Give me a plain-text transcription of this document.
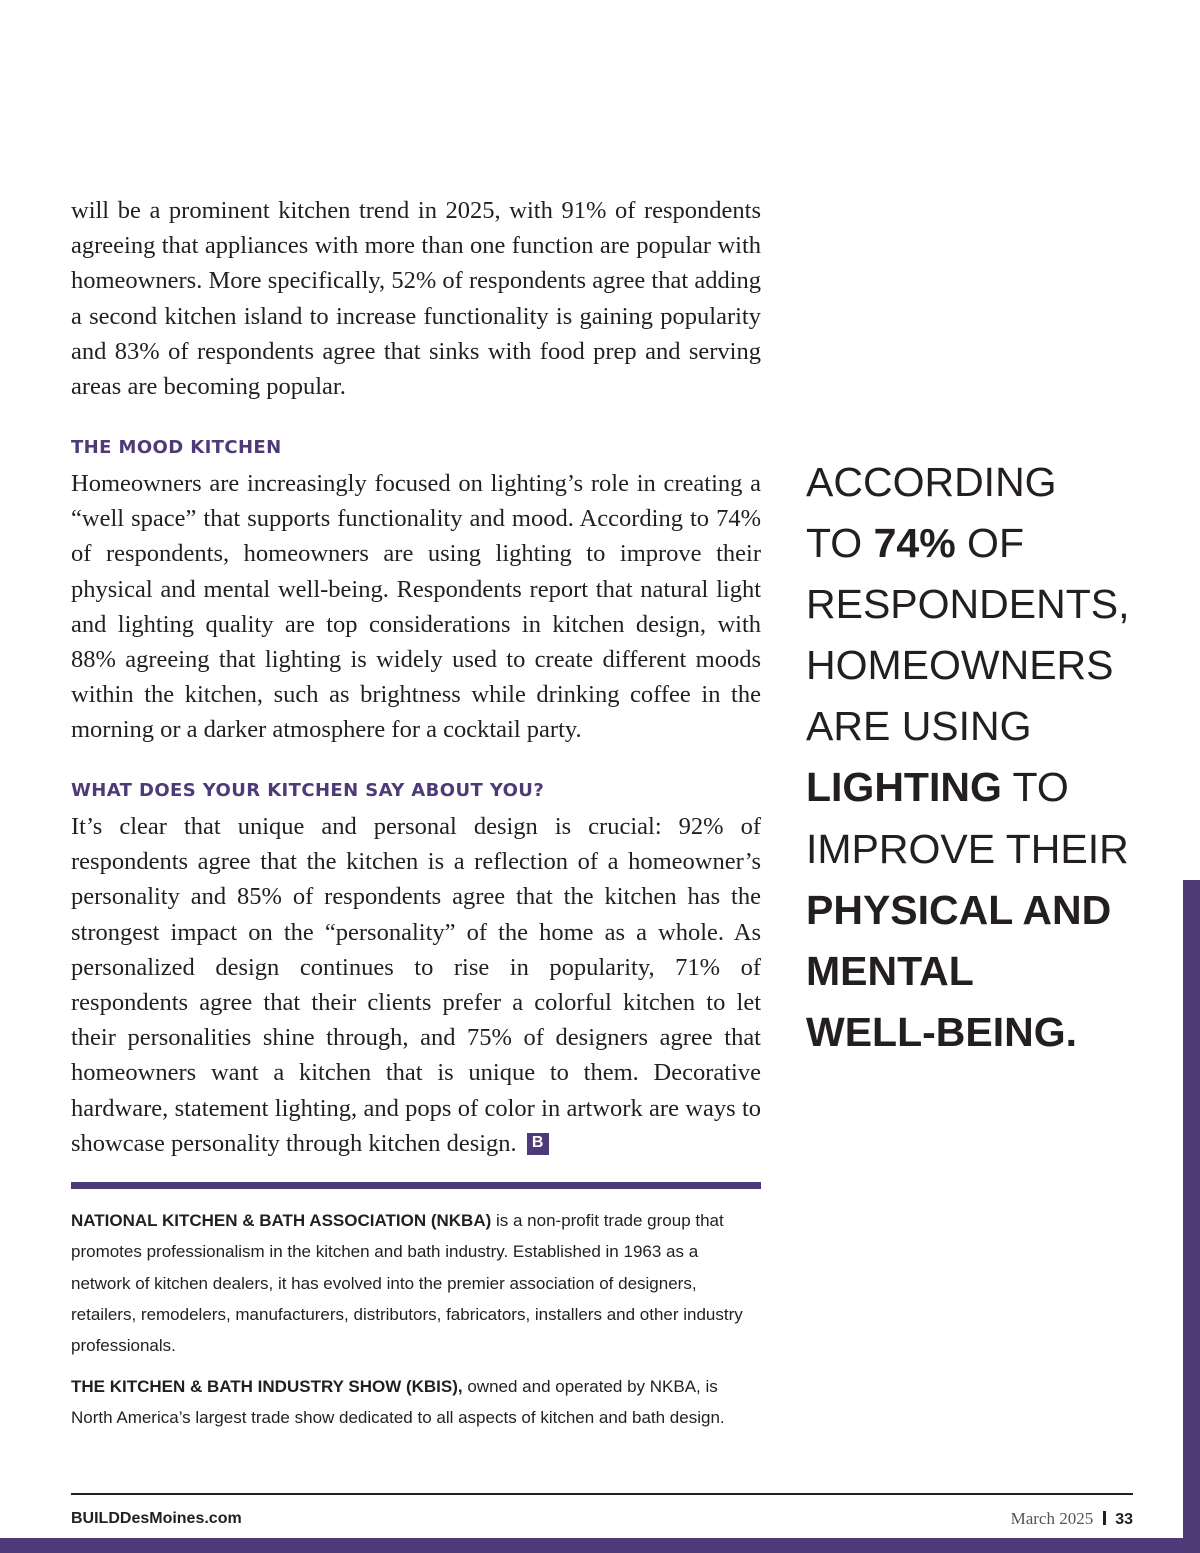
will be a prominent kitchen trend in 2025, with 91% of respondents agreeing that appliances with more than one function are popular with homeowners. More specifically, 52% of respondents agree that adding a second kitchen island to increase functionality is gaining popularity and 83% of respondents agree that sinks with food prep and serving areas are becoming popular.

THE MOOD KITCHEN

Homeowners are increasingly focused on lighting’s role in creating a “well space” that supports functionality and mood. According to 74% of respondents, homeowners are using lighting to improve their physical and mental well-being. Respondents report that natural light and lighting quality are top considerations in kitchen design, with 88% agreeing that lighting is widely used to create different moods within the kitchen, such as brightness while drinking coffee in the morning or a darker atmosphere for a cocktail party.

WHAT DOES YOUR KITCHEN SAY ABOUT YOU?

It’s clear that unique and personal design is crucial: 92% of respondents agree that the kitchen is a reflection of a homeowner’s personality and 85% of respondents agree that the kitchen has the strongest impact on the “personality” of the home as a whole. As personalized design continues to rise in popularity, 71% of respondents agree that their clients prefer a colorful kitchen to let their personalities shine through, and 75% of designers agree that homeowners want a kitchen that is unique to them. Decorative hardware, statement lighting, and pops of color in artwork are ways to showcase personality through kitchen design. B

NATIONAL KITCHEN & BATH ASSOCIATION (NKBA) is a non-profit trade group that promotes professionalism in the kitchen and bath industry. Established in 1963 as a network of kitchen dealers, it has evolved into the premier association of designers, retailers, remodelers, manufacturers, distributors, fabricators, installers and other industry professionals.

THE KITCHEN & BATH INDUSTRY SHOW (KBIS), owned and operated by NKBA, is North America’s largest trade show dedicated to all aspects of kitchen and bath design.

ACCORDING
TO 74% OF
RESPONDENTS,
HOMEOWNERS
ARE USING
LIGHTING TO
IMPROVE THEIR
PHYSICAL AND
MENTAL
WELL-BEING.
BUILDDesMoines.com	March 2025 33
